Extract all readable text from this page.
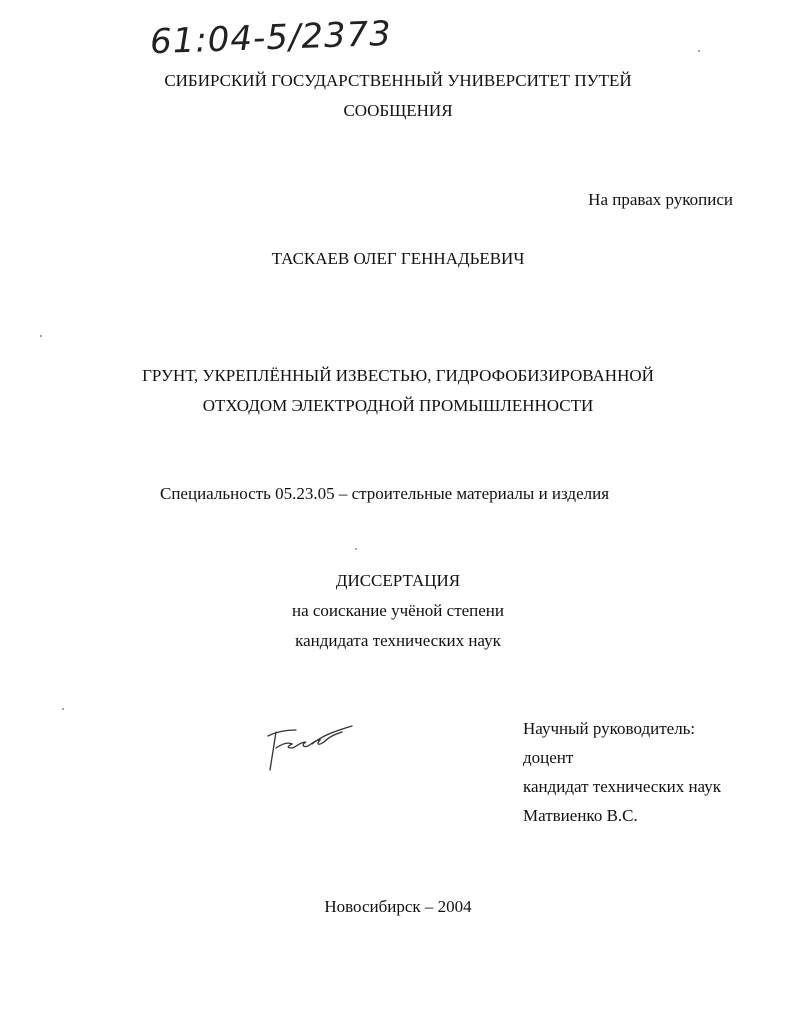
61:04-5/2373
СИБИРСКИЙ ГОСУДАРСТВЕННЫЙ УНИВЕРСИТЕТ ПУТЕЙ
СООБЩЕНИЯ
На правах рукописи
ТАСКАЕВ ОЛЕГ ГЕННАДЬЕВИЧ
ГРУНТ, УКРЕПЛЁННЫЙ ИЗВЕСТЬЮ, ГИДРОФОБИЗИРОВАННОЙ
ОТХОДОМ ЭЛЕКТРОДНОЙ ПРОМЫШЛЕННОСТИ
Специальность 05.23.05 – строительные материалы и изделия
ДИССЕРТАЦИЯ
на соискание учёной степени
кандидата технических наук
Научный руководитель:
доцент
кандидат технических наук
Матвиенко В.С.
Новосибирск – 2004
